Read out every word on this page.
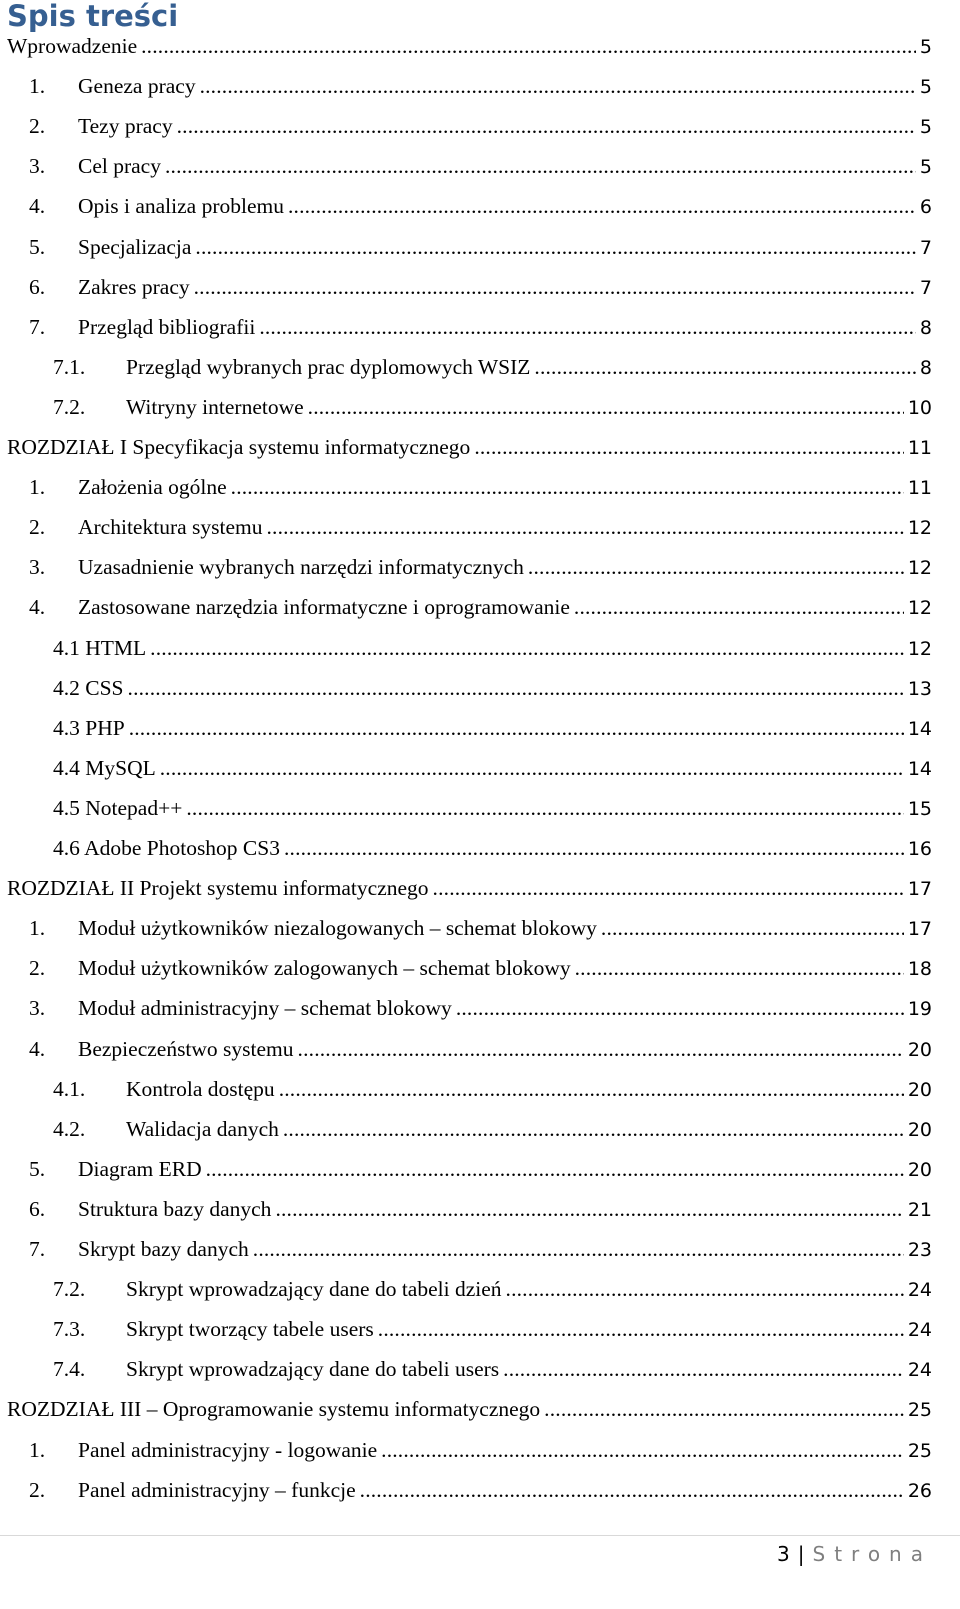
Spis treści
Wprowadzenie . . .	5
1. Geneza pracy . . .	5
2. Tezy pracy . . .	5
3. Cel pracy . . .	5
4. Opis i analiza problemu . . .	6
5. Specjalizacja . . .	7
6. Zakres pracy . . .	7
7. Przegląd bibliografii . . .	8
7.1. Przegląd wybranych prac dyplomowych WSIZ . . .	8
7.2. Witryny internetowe . . .	10
ROZDZIAŁ I Specyfikacja systemu informatycznego . . .	11
1. Założenia ogólne . . .	11
2. Architektura systemu . . .	12
3. Uzasadnienie wybranych narzędzi informatycznych . . .	12
4. Zastosowane narzędzia informatyczne i oprogramowanie . . .	12
4.1 HTML . . .	12
4.2 CSS . . .	13
4.3 PHP . . .	14
4.4 MySQL . . .	14
4.5 Notepad++ . . .	15
4.6 Adobe Photoshop CS3 . . .	16
ROZDZIAŁ II Projekt systemu informatycznego . . .	17
1. Moduł użytkowników niezalogowanych – schemat blokowy . . .	17
2. Moduł użytkowników zalogowanych – schemat blokowy . . .	18
3. Moduł administracyjny – schemat blokowy . . .	19
4. Bezpieczeństwo systemu . . .	20
4.1. Kontrola dostępu . . .	20
4.2. Walidacja danych . . .	20
5. Diagram ERD . . .	20
6. Struktura bazy danych . . .	21
7. Skrypt bazy danych . . .	23
7.2. Skrypt wprowadzający dane do tabeli dzień . . .	24
7.3. Skrypt tworzący tabele users . . .	24
7.4. Skrypt wprowadzający dane do tabeli users . . .	24
ROZDZIAŁ III – Oprogramowanie systemu informatycznego . . .	25
1. Panel administracyjny - logowanie . . .	25
2. Panel administracyjny – funkcje . . .	26
3 | Strona
